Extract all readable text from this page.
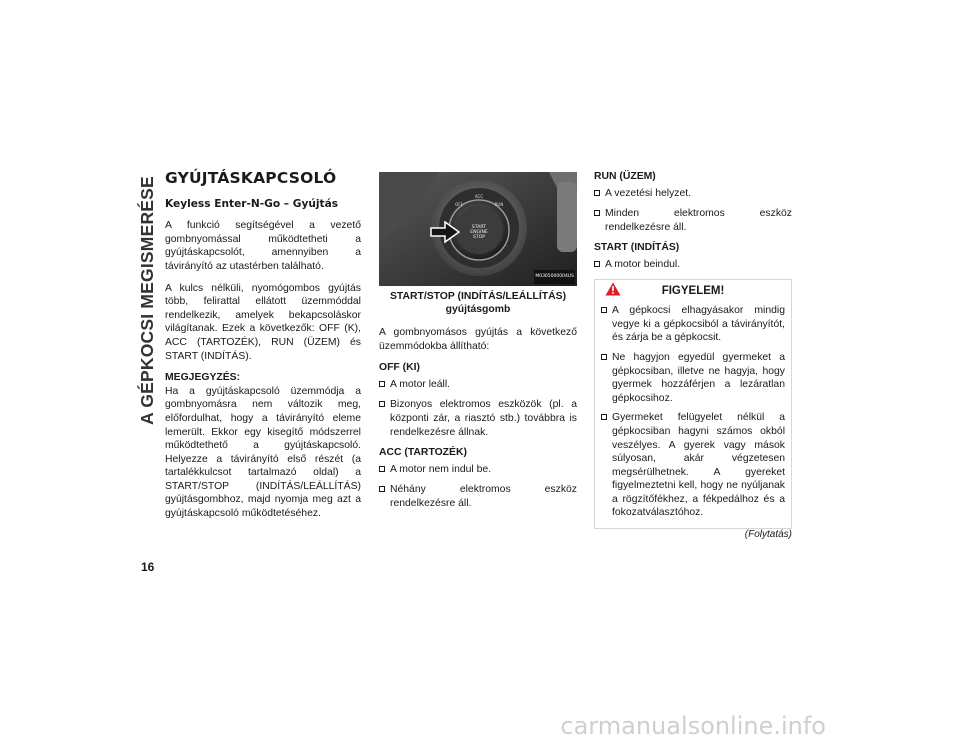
A GÉPKOCSI MEGISMERÉSE
16
GYÚJTÁSKAPCSOLÓ
Keyless Enter-N-Go – Gyújtás

A funkció segítségével a vezető gombnyomással működtetheti a gyújtáskapcsolót, amennyiben a távirányító az utastérben található.

A kulcs nélküli, nyomógombos gyújtás több, felirattal ellátott üzemmóddal rendelkezik, amelyek bekapcsoláskor világítanak. Ezek a következők: OFF (K), ACC (TARTOZÉK), RUN (ÜZEM) és START (INDÍTÁS).

MEGJEGYZÉS:

Ha a gyújtáskapcsoló üzemmódja a gombnyomásra nem változik meg, előfordulhat, hogy a távirányító eleme lemerült. Ekkor egy kisegítő módszerrel működtethető a gyújtáskapcsoló. Helyezze a távirányító első részét (a tartalékkulcsot tartalmazó oldal) a START/STOP (INDÍTÁS/LEÁLLÍTÁS) gyújtásgombhoz, majd nyomja meg azt a gyújtáskapcsoló működtetéséhez.

ACC
OFF	RUN
START
ENGINE
STOP
M0305000004US
START/STOP (INDÍTÁS/LEÁLLÍTÁS)
gyújtásgomb

A gombnyomásos gyújtás a következő üzemmódokba állítható:

OFF (KI)
A motor leáll.
Bizonyos elektromos eszközök (pl. a központi zár, a riasztó stb.) továbbra is rendelkezésre állnak.
ACC (TARTOZÉK)
A motor nem indul be.
Néhány elektromos eszköz rendelkezésre áll.
RUN (ÜZEM)
A vezetési helyzet.
Minden elektromos eszköz rendelkezésre áll.
START (INDÍTÁS)
A motor beindul.
FIGYELEM!
A gépkocsi elhagyásakor mindig vegye ki a gépkocsiból a távirányítót, és zárja be a gépkocsit.
Ne hagyjon egyedül gyermeket a gépkocsiban, illetve ne hagyja, hogy gyermek hozzáférjen a lezáratlan gépkocsihoz.
Gyermeket felügyelet nélkül a gépkocsiban hagyni számos okból veszélyes. A gyerek vagy mások súlyosan, akár végzetesen megsérülhetnek. A gyereket figyelmeztetni kell, hogy ne nyúljanak a rögzítőfékhez, a fékpedálhoz és a fokozatválasztóhoz.
(Folytatás)
carmanualsonline.info
